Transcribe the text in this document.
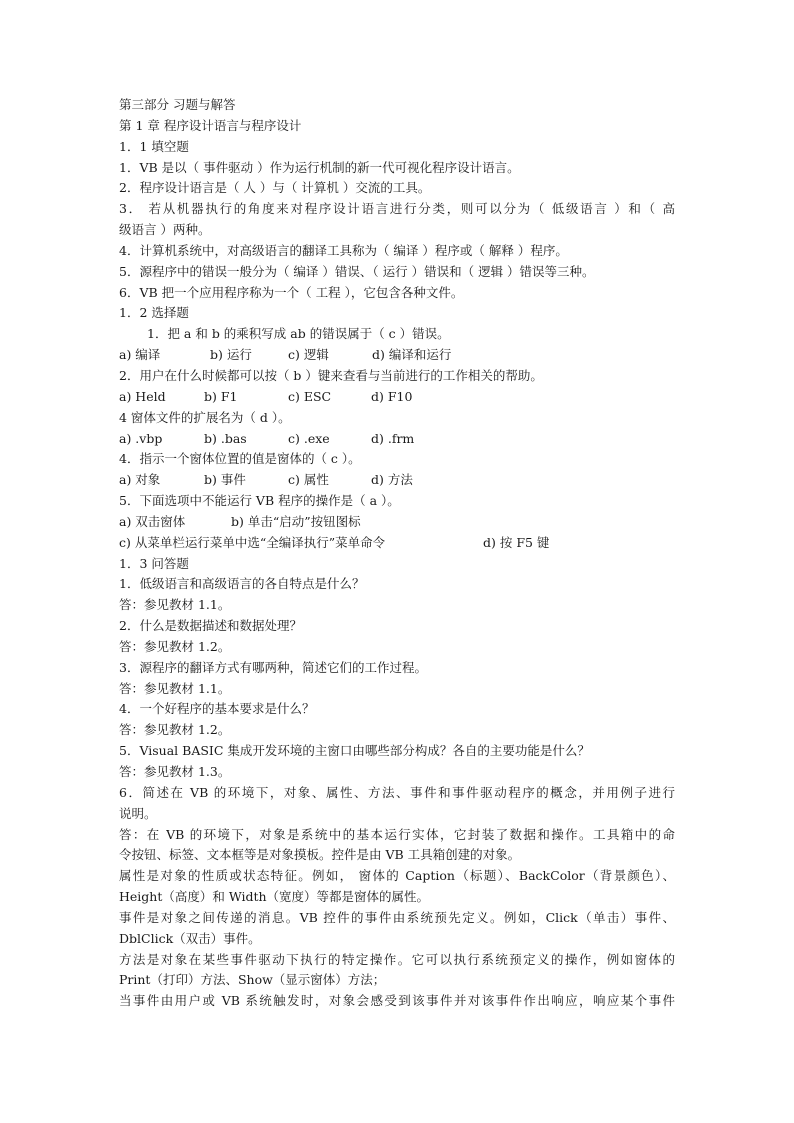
第三部分 习题与解答
第 1 章 程序设计语言与程序设计
1．1 填空题
1．VB 是以（ 事件驱动 ）作为运行机制的新一代可视化程序设计语言。
2．程序设计语言是（ 人 ）与（ 计算机 ）交流的工具。
3． 若从机器执行的角度来对程序设计语言进行分类，则可以分为（ 低级语言 ）和（ 高
级语言 ）两种。
4．计算机系统中，对高级语言的翻译工具称为（ 编译 ）程序或（ 解释 ）程序。
5．源程序中的错误一般分为（ 编译 ）错误、（ 运行 ）错误和（ 逻辑 ）错误等三种。
6．VB 把一个应用程序称为一个（ 工程 ），它包含各种文件。
1．2 选择题
1．把 a 和 b 的乘积写成 ab 的错误属于（ c ）错误。
a) 编译	b) 运行	c) 逻辑	d) 编译和运行
2．用户在什么时候都可以按（ b ）键来查看与当前进行的工作相关的帮助。
a) Held	b) F1	c) ESC	d) F10
4 窗体文件的扩展名为（ d ）。
a) .vbp	b) .bas	c) .exe	d) .frm
4．指示一个窗体位置的值是窗体的（ c ）。
a) 对象	b) 事件	c) 属性	d) 方法
5．下面选项中不能运行 VB 程序的操作是（ a ）。
a) 双击窗体	b) 单击“启动”按钮图标
c) 从菜单栏运行菜单中选“全编译执行”菜单命令	d) 按 F5 键
1．3 问答题
1．低级语言和高级语言的各自特点是什么？
答：参见教材 1.1。
2．什么是数据描述和数据处理？
答：参见教材 1.2。
3．源程序的翻译方式有哪两种，简述它们的工作过程。
答：参见教材 1.1。
4．一个好程序的基本要求是什么？
答：参见教材 1.2。
5．Visual BASIC 集成开发环境的主窗口由哪些部分构成？各自的主要功能是什么？
答：参见教材 1.3。
6．简述在 VB 的环境下，对象、属性、方法、事件和事件驱动程序的概念，并用例子进行
说明。
答：在 VB 的环境下，对象是系统中的基本运行实体，它封装了数据和操作。工具箱中的命
令按钮、标签、文本框等是对象摸板。控件是由 VB 工具箱创建的对象。
属性是对象的性质或状态特征。例如， 窗体的 Caption（标题）、BackColor（背景颜色）、
Height（高度）和 Width（宽度）等都是窗体的属性。
事件是对象之间传递的消息。VB 控件的事件由系统预先定义。例如，Click（单击）事件、
DblClick（双击）事件。
方法是对象在某些事件驱动下执行的特定操作。它可以执行系统预定义的操作，例如窗体的
Print（打印）方法、Show（显示窗体）方法；
当事件由用户或 VB 系统触发时，对象会感受到该事件并对该事件作出响应，响应某个事件
